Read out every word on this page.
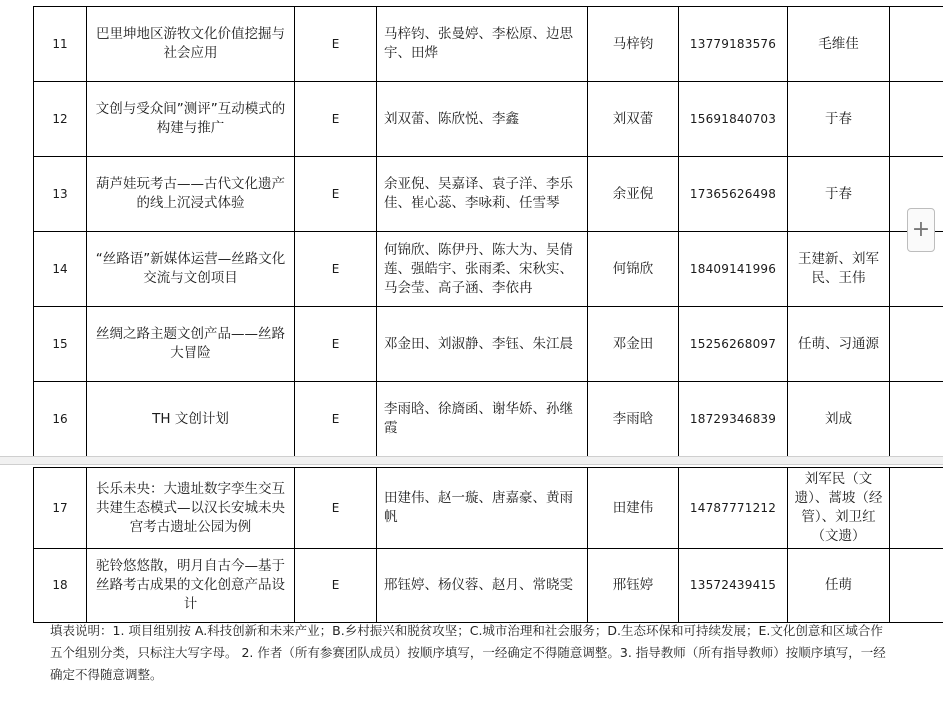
11	巴里坤地区游牧文化价值挖掘与社会应用	E	马梓钧、张曼婷、李松原、边思宇、田烨	马梓钧	13779183576	毛维佳	
12	文创与受众间”测评”互动模式的构建与推广	E	刘双蕾、陈欣悦、李鑫	刘双蕾	15691840703	于春	
13	葫芦娃玩考古——古代文化遗产的线上沉浸式体验	E	余亚倪、吴嘉译、袁子洋、李乐佳、崔心蕊、李咏莉、任雪琴	余亚倪	17365626498	于春	
14	“丝路语”新媒体运营—丝路文化交流与文创项目	E	何锦欣、陈伊丹、陈大为、吴倩莲、强皓宇、张雨柔、宋秋实、马会莹、高子涵、李依冉	何锦欣	18409141996	王建新、刘军民、王伟	
15	丝绸之路主题文创产品——丝路大冒险	E	邓金田、刘淑静、李钰、朱江晨	邓金田	15256268097	任萌、习通源	
16	TH 文创计划	E	李雨晗、徐旖函、谢华娇、孙继霞	李雨晗	18729346839	刘成	
17	长乐未央：大遗址数字孪生交互共建生态模式—以汉长安城未央宫考古遗址公园为例	E	田建伟、赵一璇、唐嘉豪、黄雨帆	田建伟	14787771212	刘军民（文遗）、蒿坡（经管）、刘卫红（文遗）	
18	驼铃悠悠散，明月自古今—基于丝路考古成果的文化创意产品设计	E	邢钰婷、杨仪蓉、赵月、常晓雯	邢钰婷	13572439415	任萌	
填表说明：1. 项目组别按 A.科技创新和未来产业；B.乡村振兴和脱贫攻坚；C.城市治理和社会服务；D.生态环保和可持续发展；E.文化创意和区域合作五个组别分类，只标注大写字母。 2. 作者（所有参赛团队成员）按顺序填写，一经确定不得随意调整。3. 指导教师（所有指导教师）按顺序填写，一经确定不得随意调整。
+
